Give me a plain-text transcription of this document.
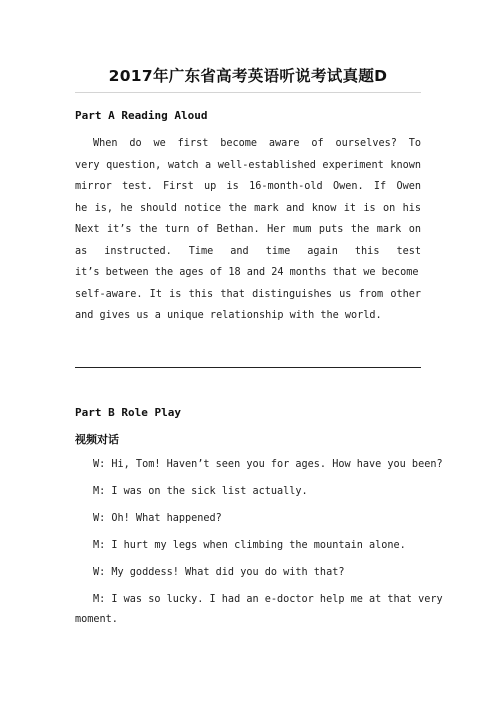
2017年广东省高考英语听说考试真题D
Part A Reading Aloud
When do we first become aware of ourselves? To
very question, watch a well-established experiment known
mirror test. First up is 16-month-old Owen. If Owen
he is, he should notice the mark and know it is on his
Next it’s the turn of Bethan. Her mum puts the mark on
as instructed. Time and time again this test
it’s between the ages of 18 and 24 months that we become
self-aware. It is this that distinguishes us from other
and gives us a unique relationship with the world.
Part B Role Play
视频对话
W: Hi, Tom! Haven’t seen you for ages. How have you been?
M: I was on the sick list actually.
W: Oh! What happened?
M: I hurt my legs when climbing the mountain alone.
W: My goddess! What did you do with that?
M: I was so lucky. I had an e-doctor help me at that very
moment.
